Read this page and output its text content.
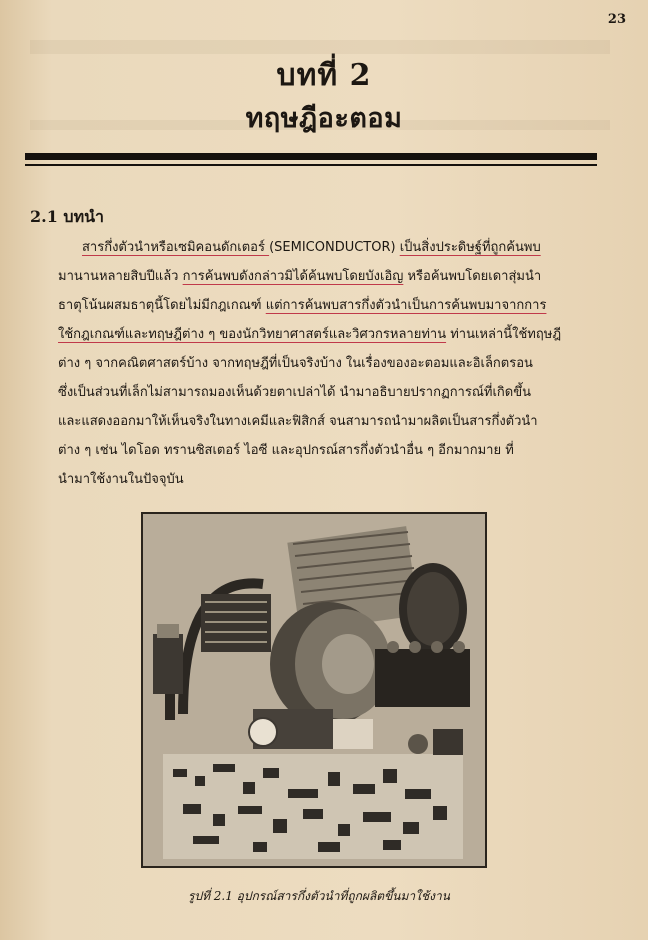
23
บทที่ 2
ทฤษฎีอะตอม
2.1 บทนำ
สารกึ่งตัวนำหรือเซมิคอนดักเตอร์ (SEMICONDUCTOR) เป็นสิ่งประดิษฐ์ที่ถูกค้นพบ
มานานหลายสิบปีแล้ว การค้นพบดังกล่าวมิได้ค้นพบโดยบังเอิญ หรือค้นพบโดยเดาสุ่มนำ
ธาตุโน้นผสมธาตุนี้โดยไม่มีกฎเกณฑ์ แต่การค้นพบสารกึ่งตัวนำเป็นการค้นพบมาจากการ
ใช้กฎเกณฑ์และทฤษฎีต่าง ๆ ของนักวิทยาศาสตร์และวิศวกรหลายท่าน ท่านเหล่านี้ใช้ทฤษฎี
ต่าง ๆ จากคณิตศาสตร์บ้าง จากทฤษฎีที่เป็นจริงบ้าง ในเรื่องของอะตอมและอิเล็กตรอน
ซึ่งเป็นส่วนที่เล็กไม่สามารถมองเห็นด้วยตาเปล่าได้ นำมาอธิบายปรากฏการณ์ที่เกิดขึ้น
และแสดงออกมาให้เห็นจริงในทางเคมีและฟิสิกส์ จนสามารถนำมาผลิตเป็นสารกึ่งตัวนำ
ต่าง ๆ เช่น ไดโอด ทรานซิสเตอร์ ไอซี และอุปกรณ์สารกึ่งตัวนำอื่น ๆ อีกมากมาย ที่
นำมาใช้งานในปัจจุบัน
รูปที่ 2.1 อุปกรณ์สารกึ่งตัวนำที่ถูกผลิตขึ้นมาใช้งาน
